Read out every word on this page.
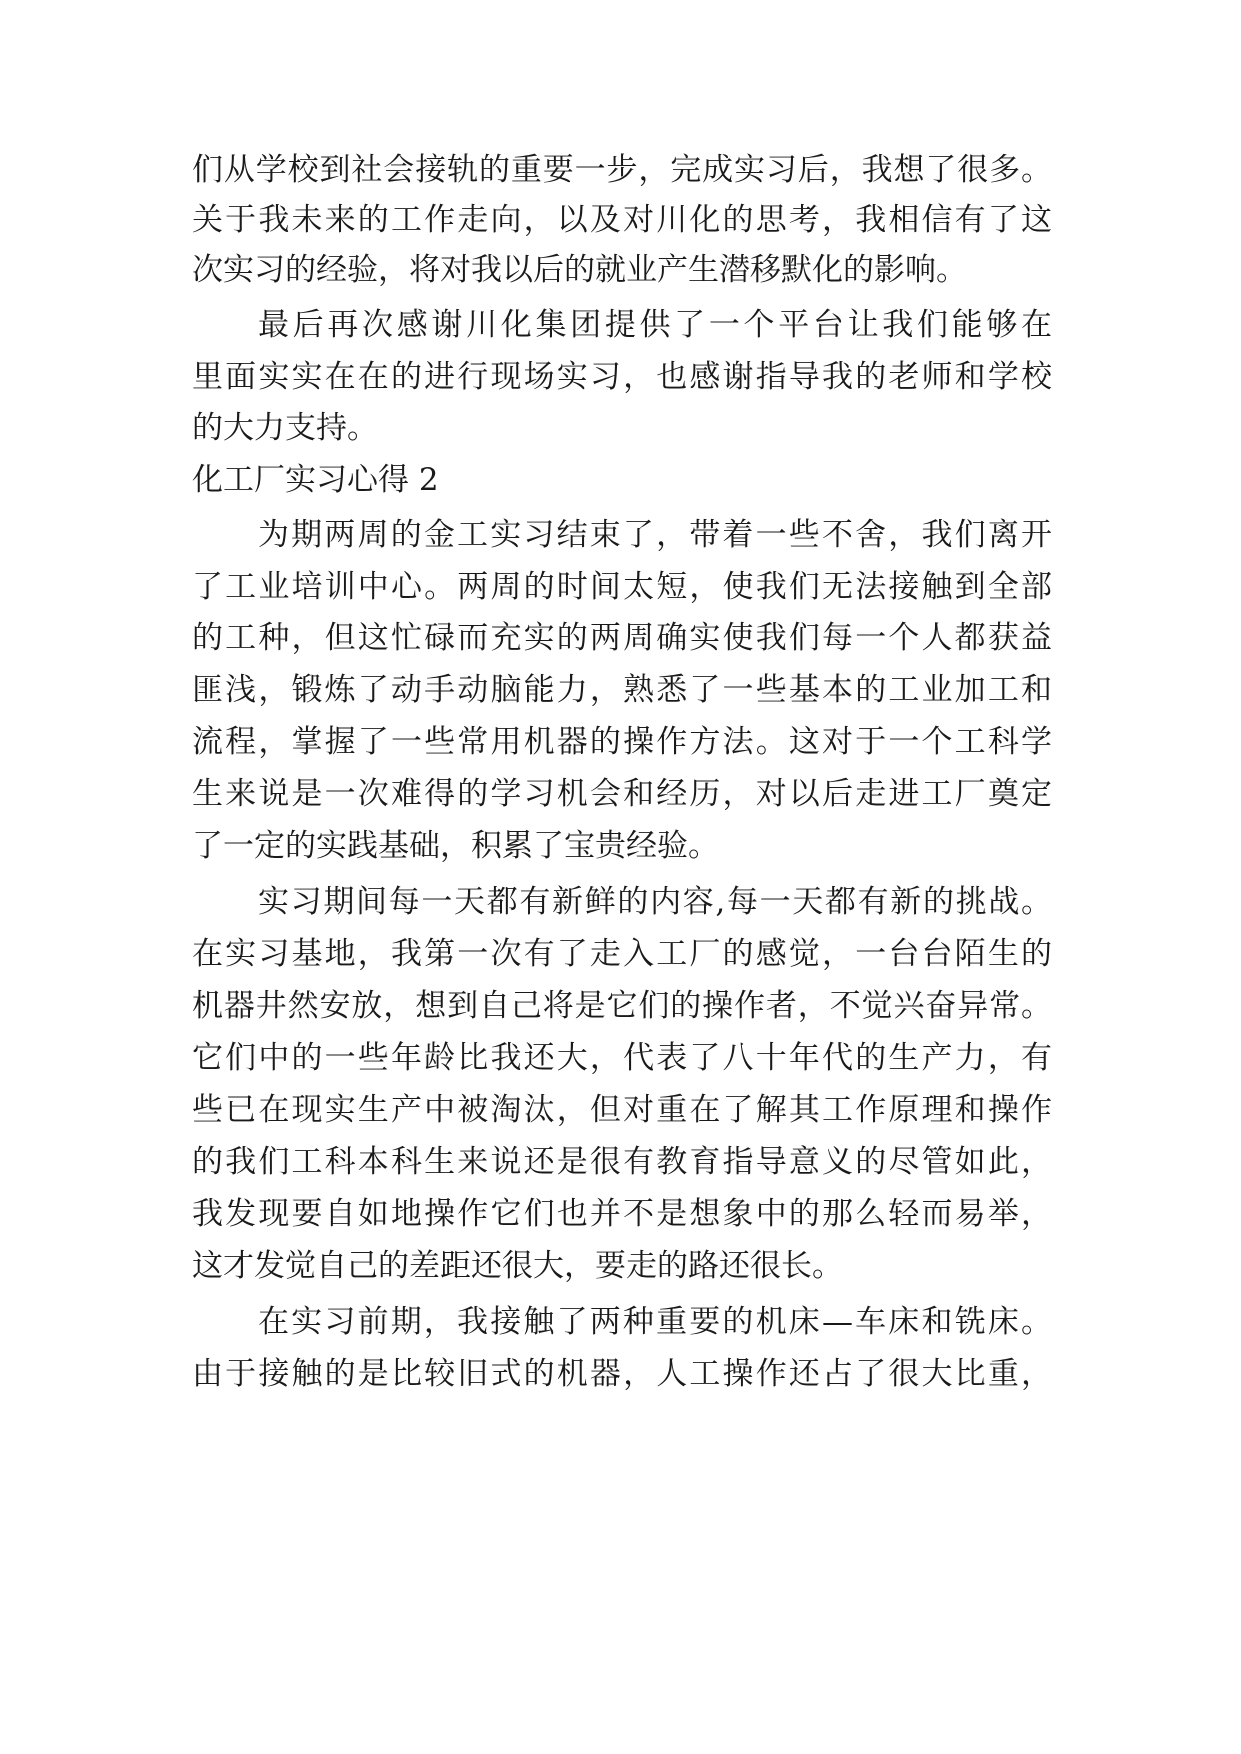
们从学校到社会接轨的重要一步，完成实习后，我想了很多。
关于我未来的工作走向，以及对川化的思考，我相信有了这
次实习的经验，将对我以后的就业产生潜移默化的影响。
最后再次感谢川化集团提供了一个平台让我们能够在
里面实实在在的进行现场实习，也感谢指导我的老师和学校
的大力支持。
化工厂实习心得 2
为期两周的金工实习结束了，带着一些不舍，我们离开
了工业培训中心。两周的时间太短，使我们无法接触到全部
的工种，但这忙碌而充实的两周确实使我们每一个人都获益
匪浅，锻炼了动手动脑能力，熟悉了一些基本的工业加工和
流程，掌握了一些常用机器的操作方法。这对于一个工科学
生来说是一次难得的学习机会和经历，对以后走进工厂奠定
了一定的实践基础，积累了宝贵经验。
实习期间每一天都有新鲜的内容,每一天都有新的挑战。
在实习基地，我第一次有了走入工厂的感觉，一台台陌生的
机器井然安放，想到自己将是它们的操作者，不觉兴奋异常。
它们中的一些年龄比我还大，代表了八十年代的生产力，有
些已在现实生产中被淘汰，但对重在了解其工作原理和操作
的我们工科本科生来说还是很有教育指导意义的尽管如此，
我发现要自如地操作它们也并不是想象中的那么轻而易举，
这才发觉自己的差距还很大，要走的路还很长。
在实习前期，我接触了两种重要的机床—车床和铣床。
由于接触的是比较旧式的机器，人工操作还占了很大比重，
